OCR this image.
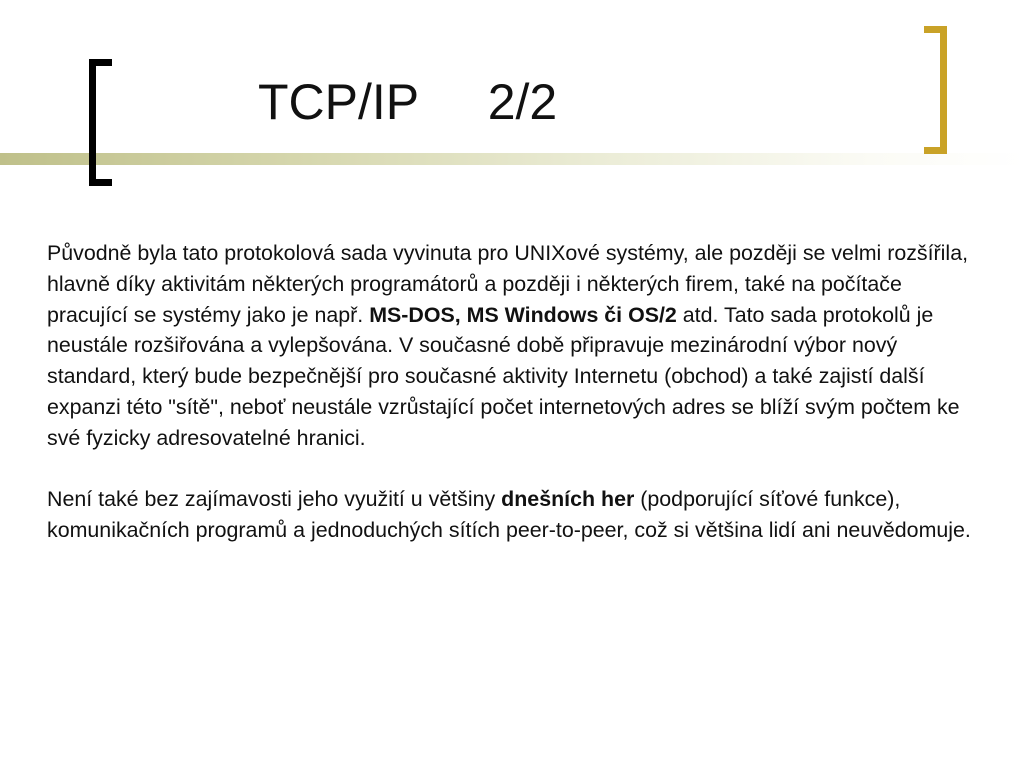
TCP/IP     2/2

Původně byla tato protokolová sada vyvinuta pro UNIXové systémy, ale později se velmi rozšířila, hlavně díky aktivitám některých programátorů a později i některých firem, také na počítače pracující se systémy jako je např. MS-DOS, MS Windows či OS/2 atd. Tato sada protokolů je neustále rozšiřována a vylepšována. V současné době připravuje mezinárodní výbor nový standard, který bude bezpečnější pro současné aktivity Internetu (obchod) a také zajistí další expanzi této "sítě", neboť neustále vzrůstající počet internetových adres se blíží svým počtem ke své fyzicky adresovatelné hranici.

Není také bez zajímavosti jeho využití u většiny dnešních her (podporující síťové funkce), komunikačních programů a jednoduchých sítích peer-to-peer, což si většina lidí ani neuvědomuje.
